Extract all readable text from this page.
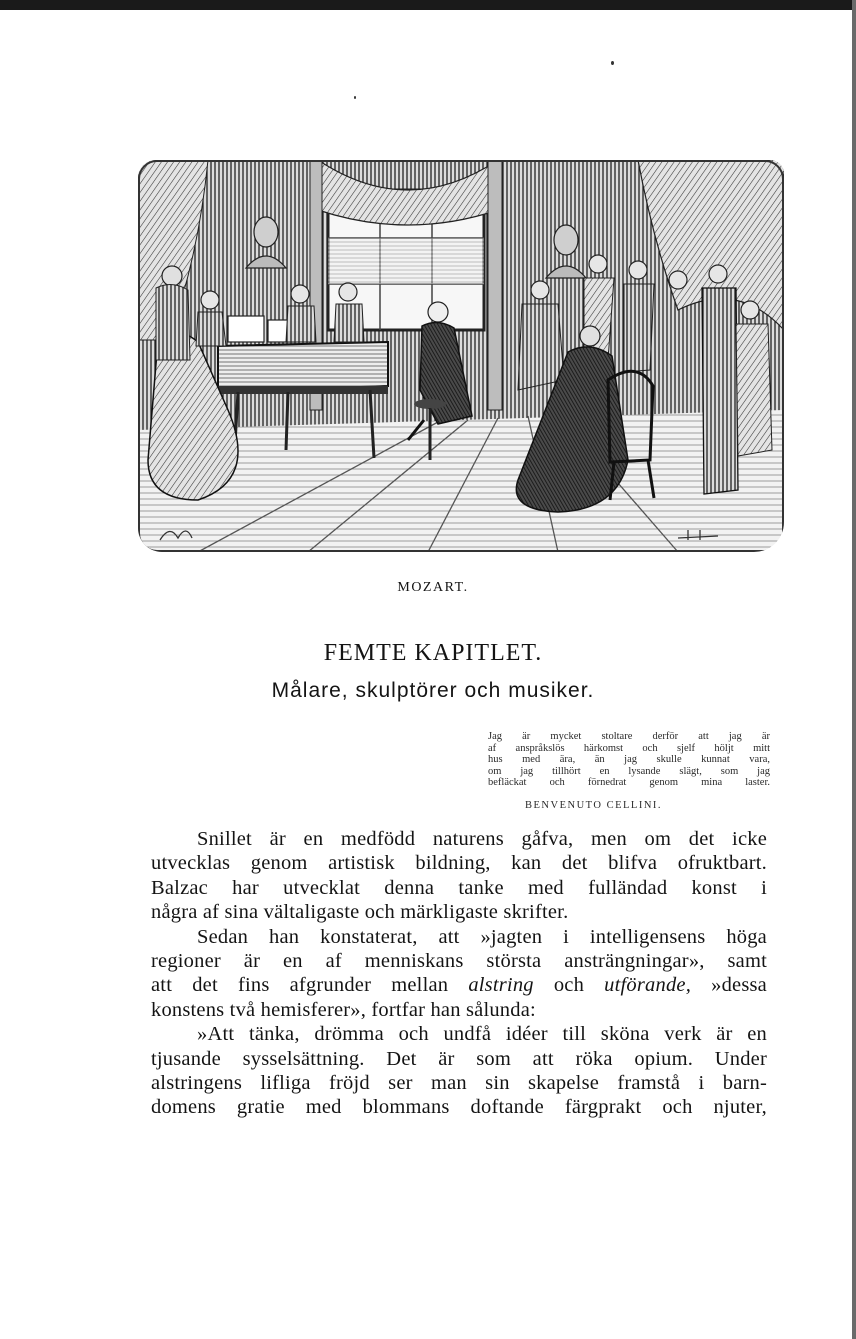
MOZART.
FEMTE KAPITLET.
Målare, skulptörer och musiker.
Jag är mycket stoltare derför att jag är
af anspråkslös härkomst och sjelf höljt mitt
hus med ära, än jag skulle kunnat vara,
om jag tillhört en lysande slägt, som jag
befläckat och förnedrat genom mina laster.
BENVENUTO CELLINI.
Snillet är en medfödd naturens gåfva, men om det icke
utvecklas genom artistisk bildning, kan det blifva ofruktbart.
Balzac har utvecklat denna tanke med fulländad konst i
några af sina vältaligaste och märkligaste skrifter.
Sedan han konstaterat, att »jagten i intelligensens höga
regioner är en af menniskans största ansträngningar», samt
att det fins afgrunder mellan alstring och utförande, »dessa
konstens två hemisferer», fortfar han sålunda:
»Att tänka, drömma och undfå idéer till sköna verk är en
tjusande sysselsättning. Det är som att röka opium. Under
alstringens lifliga fröjd ser man sin skapelse framstå i barn-
domens gratie med blommans doftande färgprakt och njuter,
